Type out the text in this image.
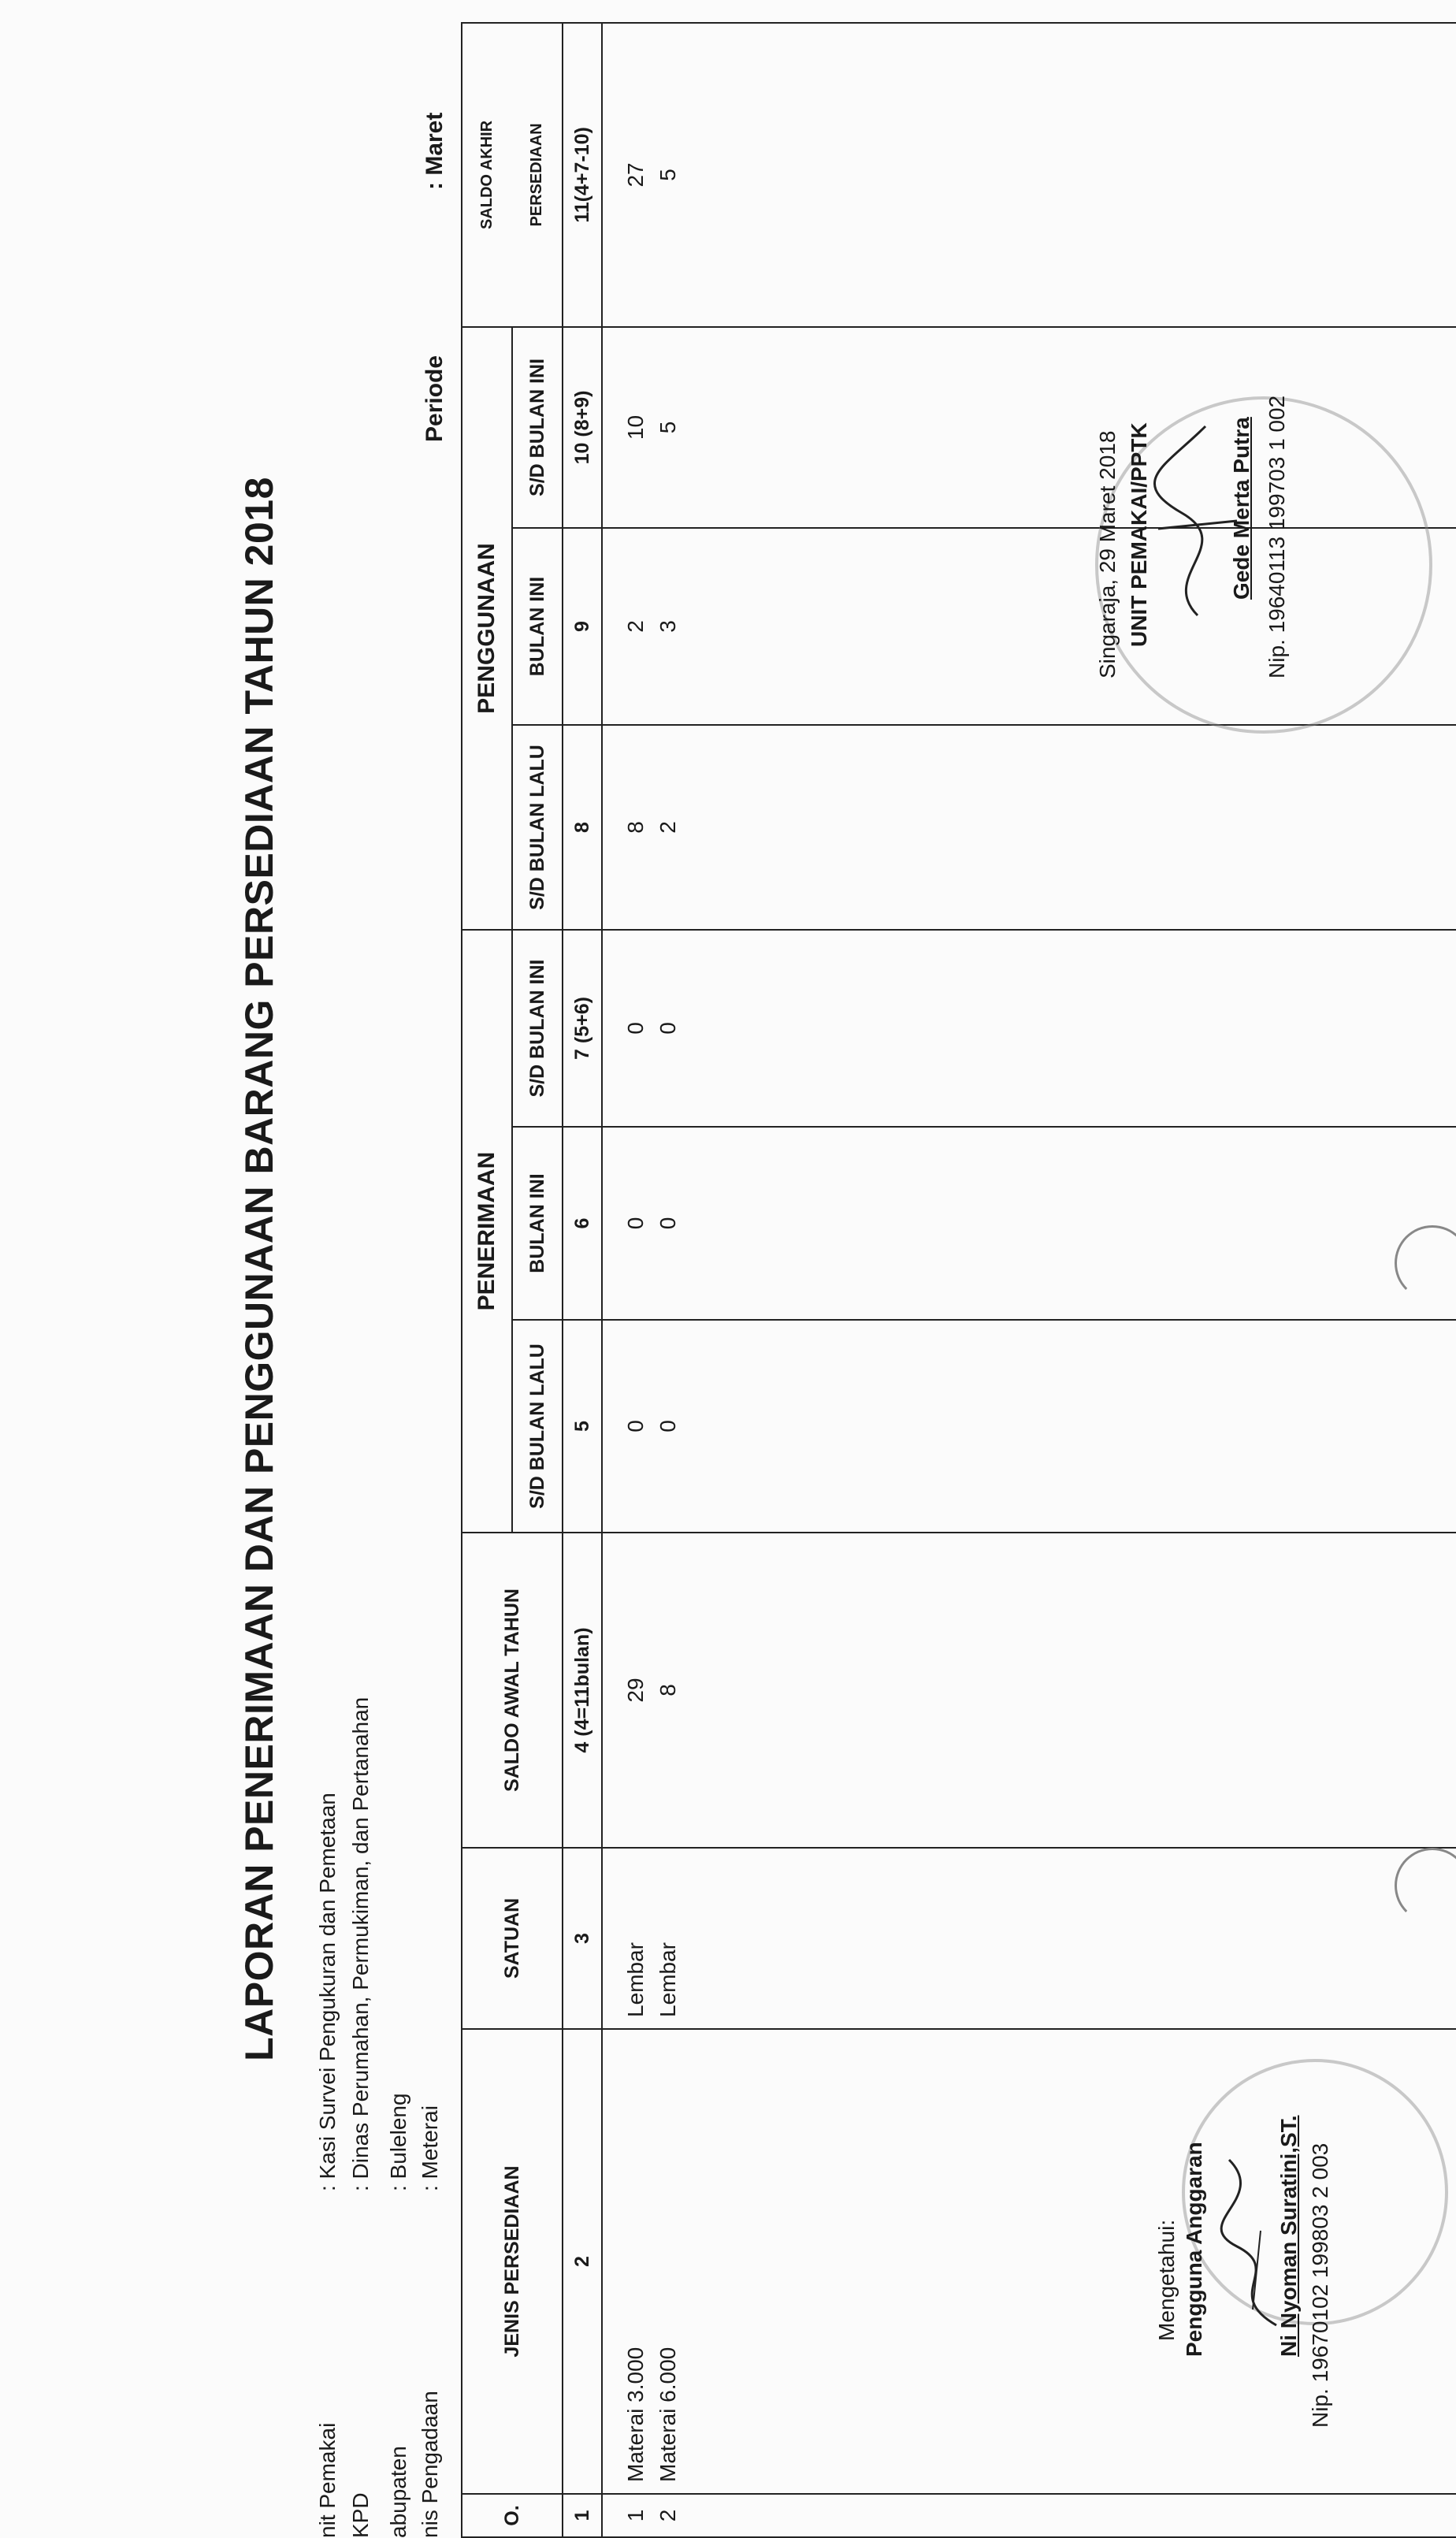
LAPORAN PENERIMAAN DAN PENGGUNAAN BARANG PERSEDIAAN TAHUN 2018
nit Pemakai
: Kasi Survei Pengukuran dan Pemetaan
KPD
: Dinas Perumahan, Permukiman, dan Pertanahan
abupaten
: Buleleng
nis Pengadaan
: Meterai
Periode
: Maret
O.	JENIS PERSEDIAAN	SATUAN	SALDO AWAL TAHUN	PENERIMAAN			PENGGUNAAN			SALDO AKHIR
				S/D BULAN LALU	BULAN INI	S/D BULAN INI	S/D BULAN LALU	BULAN INI	S/D BULAN INI	PERSEDIAAN
1	2	3	4 (4=11bulan)	5	6	7 (5+6)	8	9	10 (8+9)	11(4+7-10)
1	Materai 3.000	Lembar	29	0	0	0	8	2	10	27
2	Materai 6.000	Lembar	8	0	0	0	2	3	5	5
Mengetahui: Pengguna Anggaran	Ni Nyoman Suratini,ST. Nip. 19670102 199803 2 003
Singaraja, 29 Maret 2018 UNIT PEMAKAI/PPTK	Gede Merta Putra Nip. 19640113 199703 1 002
